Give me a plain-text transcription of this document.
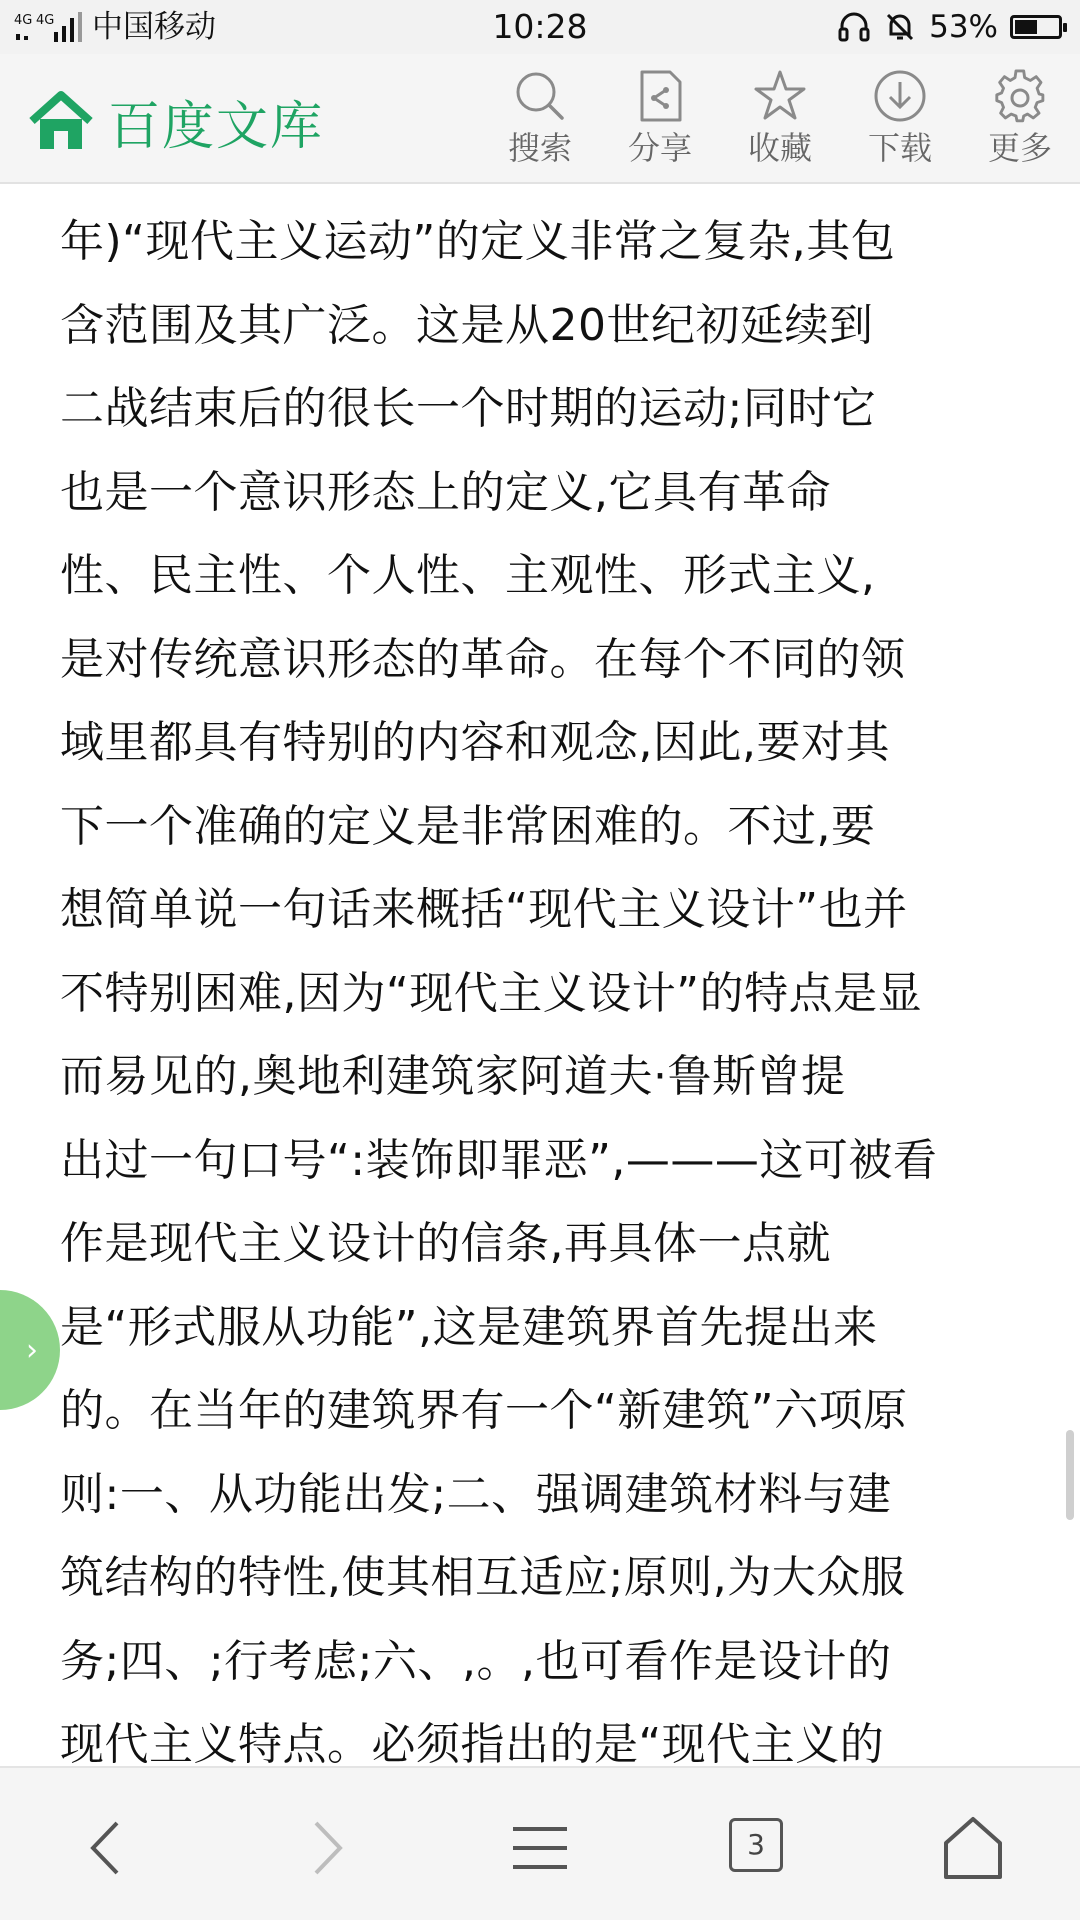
4G 4G 中国移动	10:28	53%
百度文库	搜索 分享 收藏 下载 更多
年)“现代主义运动”的定义非常之复杂,其包
含范围及其广泛。这是从20世纪初延续到
二战结束后的很长一个时期的运动;同时它
也是一个意识形态上的定义,它具有革命
性、民主性、个人性、主观性、形式主义,
是对传统意识形态的革命。在每个不同的领
域里都具有特别的内容和观念,因此,要对其
下一个准确的定义是非常困难的。不过,要
想简单说一句话来概括“现代主义设计”也并
不特别困难,因为“现代主义设计”的特点是显
而易见的,奥地利建筑家阿道夫·鲁斯曾提
出过一句口号“:装饰即罪恶”,———这可被看
作是现代主义设计的信条,再具体一点就
是“形式服从功能”,这是建筑界首先提出来
的。在当年的建筑界有一个“新建筑”六项原
则:一、从功能出发;二、强调建筑材料与建
筑结构的特性,使其相互适应;原则,为大众服
务;四、;行考虑;六、,。,也可看作是设计的
现代主义特点。必须指出的是“现代主义的
›
3
